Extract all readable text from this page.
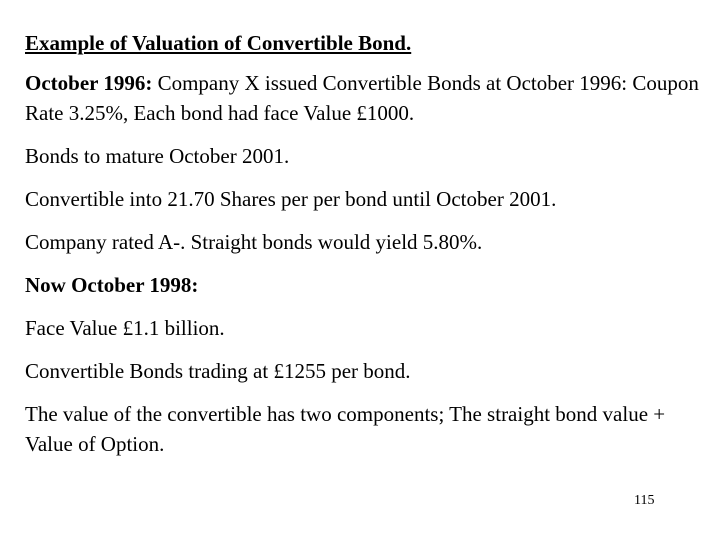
Example of Valuation of Convertible Bond.
October 1996: Company X issued Convertible Bonds at October 1996: Coupon Rate 3.25%, Each bond had face Value £1000.
Bonds to mature October 2001.
Convertible into 21.70 Shares per per bond until October 2001.
Company rated A-. Straight bonds would yield 5.80%.
Now October 1998:
Face Value £1.1 billion.
Convertible Bonds trading at £1255 per bond.
The value of the convertible has two components; The straight bond value + Value of Option.
115
